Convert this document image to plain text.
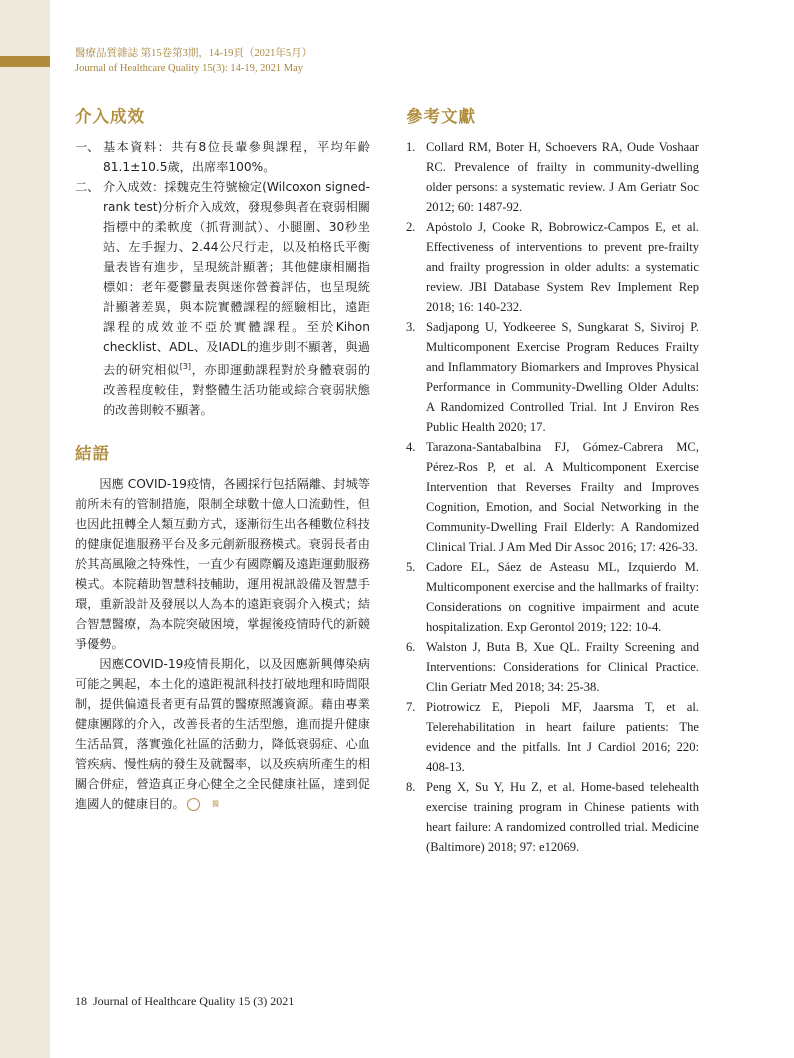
醫療品質雜誌 第15卷第3期，14-19頁（2021年5月）
Journal of Healthcare Quality 15(3): 14-19, 2021 May
介入成效
一、 基本資料：共有8位長輩參與課程，平均年齡81.1±10.5歲，出席率100%。
二、 介入成效：採魏克生符號檢定(Wilcoxon signed-rank test)分析介入成效，發現參與者在衰弱相關指標中的柔軟度（抓背測試）、小腿圍、30秒坐站、左手握力、2.44公尺行走，以及柏格氏平衡量表皆有進步，呈現統計顯著；其他健康相關指標如：老年憂鬱量表與迷你營養評估，也呈現統計顯著差異，與本院實體課程的經驗相比，遠距課程的成效並不亞於實體課程。至於Kihon checklist、ADL、及IADL的進步則不顯著，與過去的研究相似[3]，亦即運動課程對於身體衰弱的改善程度較佳，對整體生活功能或綜合衰弱狀態的改善則較不顯著。
結語

因應 COVID-19疫情，各國採行包括隔離、封城等前所未有的管制措施，限制全球數十億人口流動性，但也因此扭轉全人類互動方式，逐漸衍生出各種數位科技的健康促進服務平台及多元創新服務模式。衰弱長者由於其高風險之特殊性，一直少有國際觸及遠距運動服務模式。本院藉助智慧科技輔助，運用視訊設備及智慧手環，重新設計及發展以人為本的遠距衰弱介入模式；結合智慧醫療，為本院突破困境，掌握後疫情時代的新競爭優勢。

因應COVID-19疫情長期化，以及因應新興傳染病可能之興起，本土化的遠距視訊科技打破地理和時間限制，提供偏遠長者更有品質的醫療照護資源。藉由專業健康團隊的介入，改善長者的生活型態，進而提升健康生活品質，落實強化社區的活動力，降低衰弱症、心血管疾病、慢性病的發生及就醫率，以及疾病所產生的相關合併症，營造真正身心健全之全民健康社區，達到促進國人的健康目的。	醫

參考文獻
1. Collard RM, Boter H, Schoevers RA, Oude Voshaar RC. Prevalence of frailty in community-dwelling older persons: a systematic review. J Am Geriatr Soc 2012; 60: 1487-92.
2. Apóstolo J, Cooke R, Bobrowicz-Campos E, et al. Effectiveness of interventions to prevent pre-frailty and frailty progression in older adults: a systematic review. JBI Database System Rev Implement Rep 2018; 16: 140-232.
3. Sadjapong U, Yodkeeree S, Sungkarat S, Siviroj P. Multicomponent Exercise Program Reduces Frailty and Inflammatory Biomarkers and Improves Physical Performance in Community-Dwelling Older Adults: A Randomized Controlled Trial. Int J Environ Res Public Health 2020; 17.
4. Tarazona-Santabalbina FJ, Gómez-Cabrera MC, Pérez-Ros P, et al. A Multicomponent Exercise Intervention that Reverses Frailty and Improves Cognition, Emotion, and Social Networking in the Community-Dwelling Frail Elderly: A Randomized Clinical Trial. J Am Med Dir Assoc 2016; 17: 426-33.
5. Cadore EL, Sáez de Asteasu ML, Izquierdo M. Multicomponent exercise and the hallmarks of frailty: Considerations on cognitive impairment and acute hospitalization. Exp Gerontol 2019; 122: 10-4.
6. Walston J, Buta B, Xue QL. Frailty Screening and Interventions: Considerations for Clinical Practice. Clin Geriatr Med 2018; 34: 25-38.
7. Piotrowicz E, Piepoli MF, Jaarsma T, et al. Telerehabilitation in heart failure patients: The evidence and the pitfalls. Int J Cardiol 2016; 220: 408-13.
8. Peng X, Su Y, Hu Z, et al. Home-based telehealth exercise training program in Chinese patients with heart failure: A randomized controlled trial. Medicine (Baltimore) 2018; 97: e12069.
18 Journal of Healthcare Quality 15 (3) 2021
